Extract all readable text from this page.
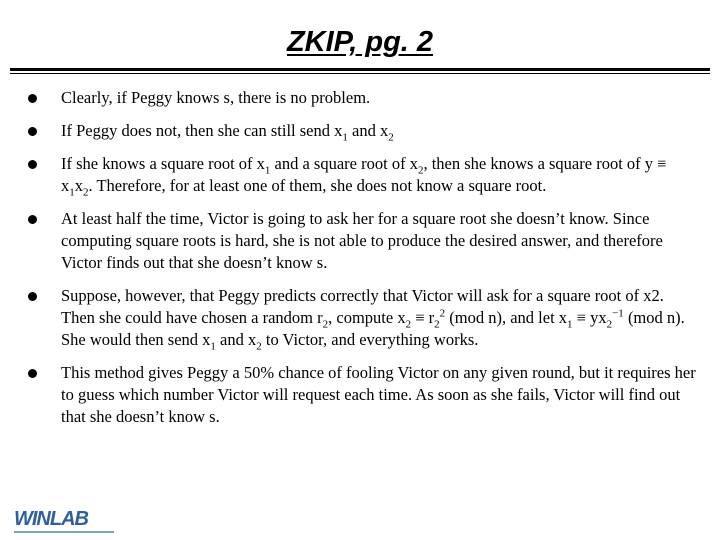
ZKIP, pg. 2
Clearly, if Peggy knows s, there is no problem.
If Peggy does not, then she can still send $x_1$ and $x_2$
If she knows a square root of $x_1$ and a square root of $x_2$, then she knows a square root of $y \equiv x_1x_2$. Therefore, for at least one of them, she does not know a square root.
At least half the time, Victor is going to ask her for a square root she doesn’t know. Since computing square roots is hard, she is not able to produce the desired answer, and therefore Victor finds out that she doesn’t know s.
Suppose, however, that Peggy predicts correctly that Victor will ask for a square root of x2. Then she could have chosen a random $r_2$, compute $x_2 \equiv r_2^2$ (mod n), and let $x_1 \equiv yx_2^{-1}$ (mod n). She would then send $x_1$ and $x_2$ to Victor, and everything works.
This method gives Peggy a 50% chance of fooling Victor on any given round, but it requires her to guess which number Victor will request each time. As soon as she fails, Victor will find out that she doesn’t know s.
WINLAB
